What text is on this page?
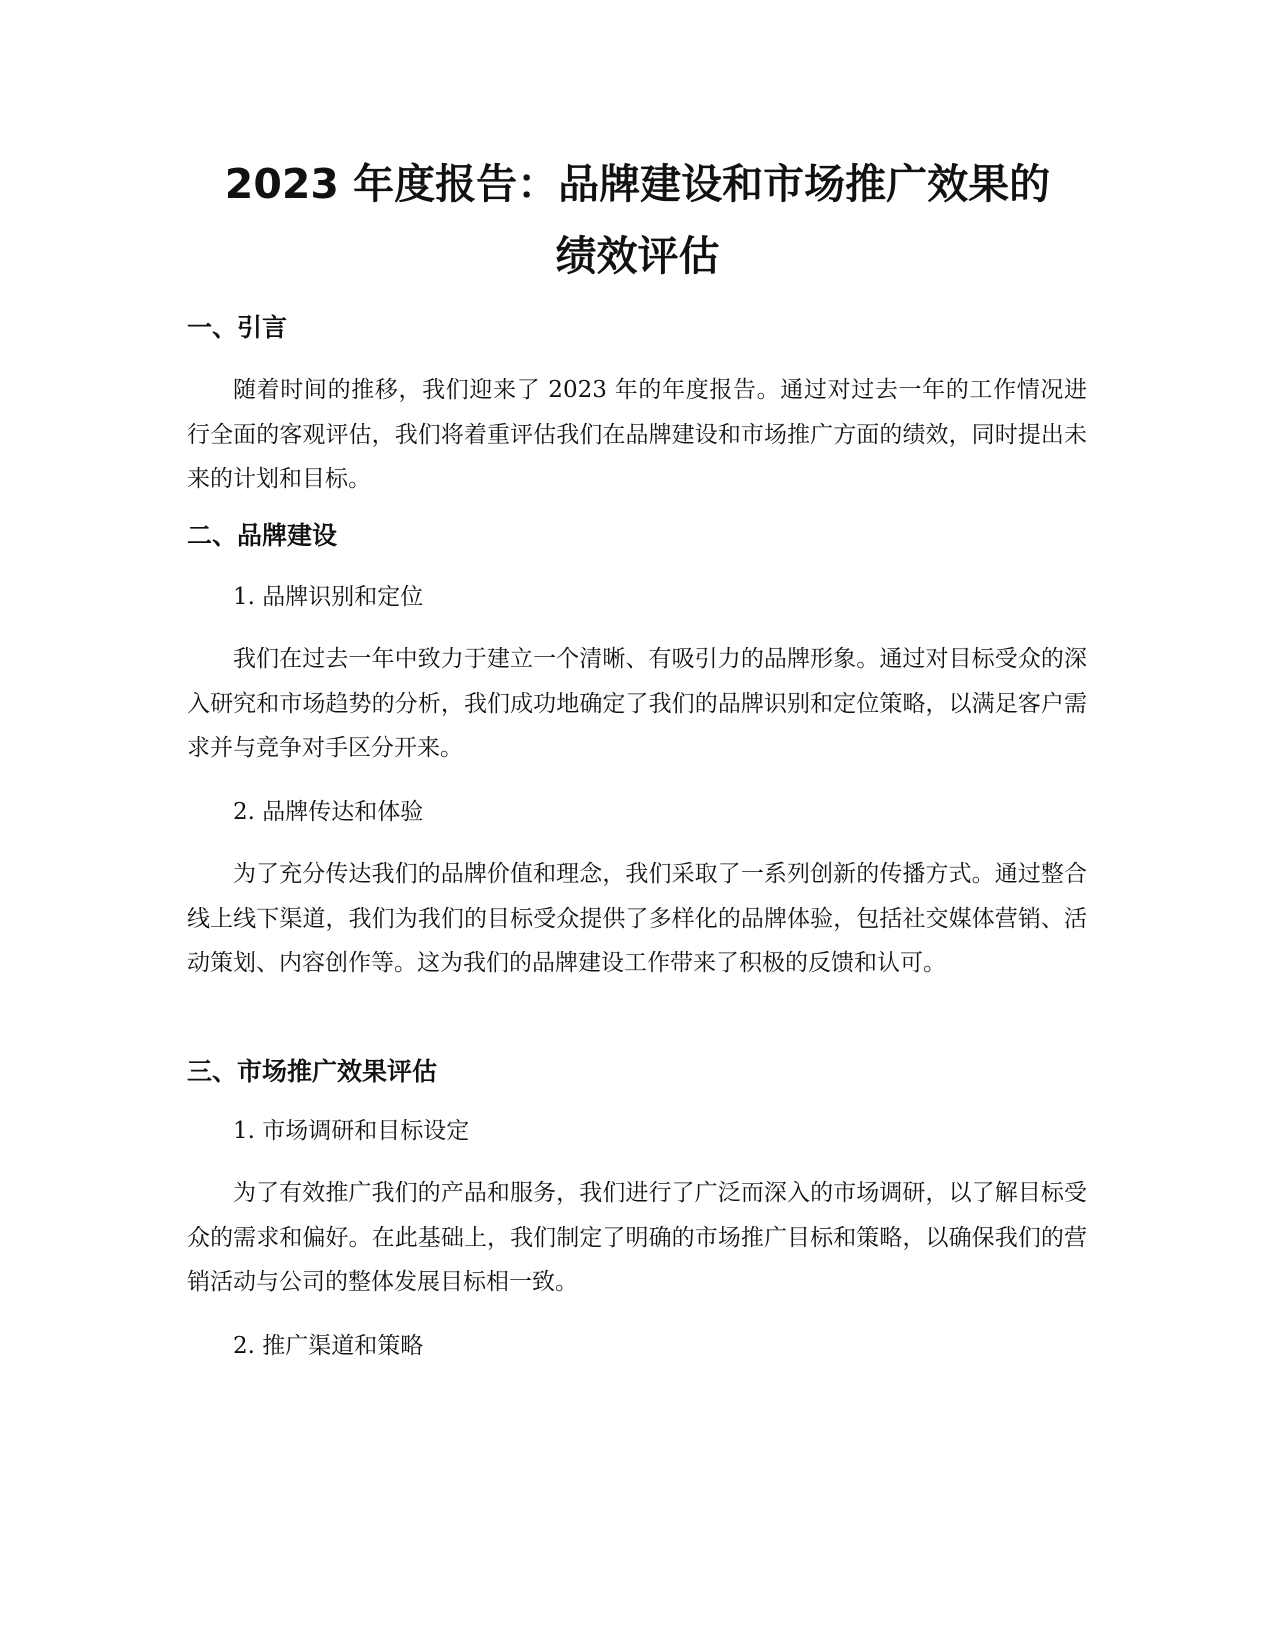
2023 年度报告：品牌建设和市场推广效果的
绩效评估
一、引言

随着时间的推移，我们迎来了 2023 年的年度报告。通过对过去一年的工作情况进行全面的客观评估，我们将着重评估我们在品牌建设和市场推广方面的绩效，同时提出未来的计划和目标。

二、品牌建设

1. 品牌识别和定位

我们在过去一年中致力于建立一个清晰、有吸引力的品牌形象。通过对目标受众的深入研究和市场趋势的分析，我们成功地确定了我们的品牌识别和定位策略，以满足客户需求并与竞争对手区分开来。

2. 品牌传达和体验

为了充分传达我们的品牌价值和理念，我们采取了一系列创新的传播方式。通过整合线上线下渠道，我们为我们的目标受众提供了多样化的品牌体验，包括社交媒体营销、活动策划、内容创作等。这为我们的品牌建设工作带来了积极的反馈和认可。

三、市场推广效果评估

1. 市场调研和目标设定

为了有效推广我们的产品和服务，我们进行了广泛而深入的市场调研，以了解目标受众的需求和偏好。在此基础上，我们制定了明确的市场推广目标和策略，以确保我们的营销活动与公司的整体发展目标相一致。

2. 推广渠道和策略
